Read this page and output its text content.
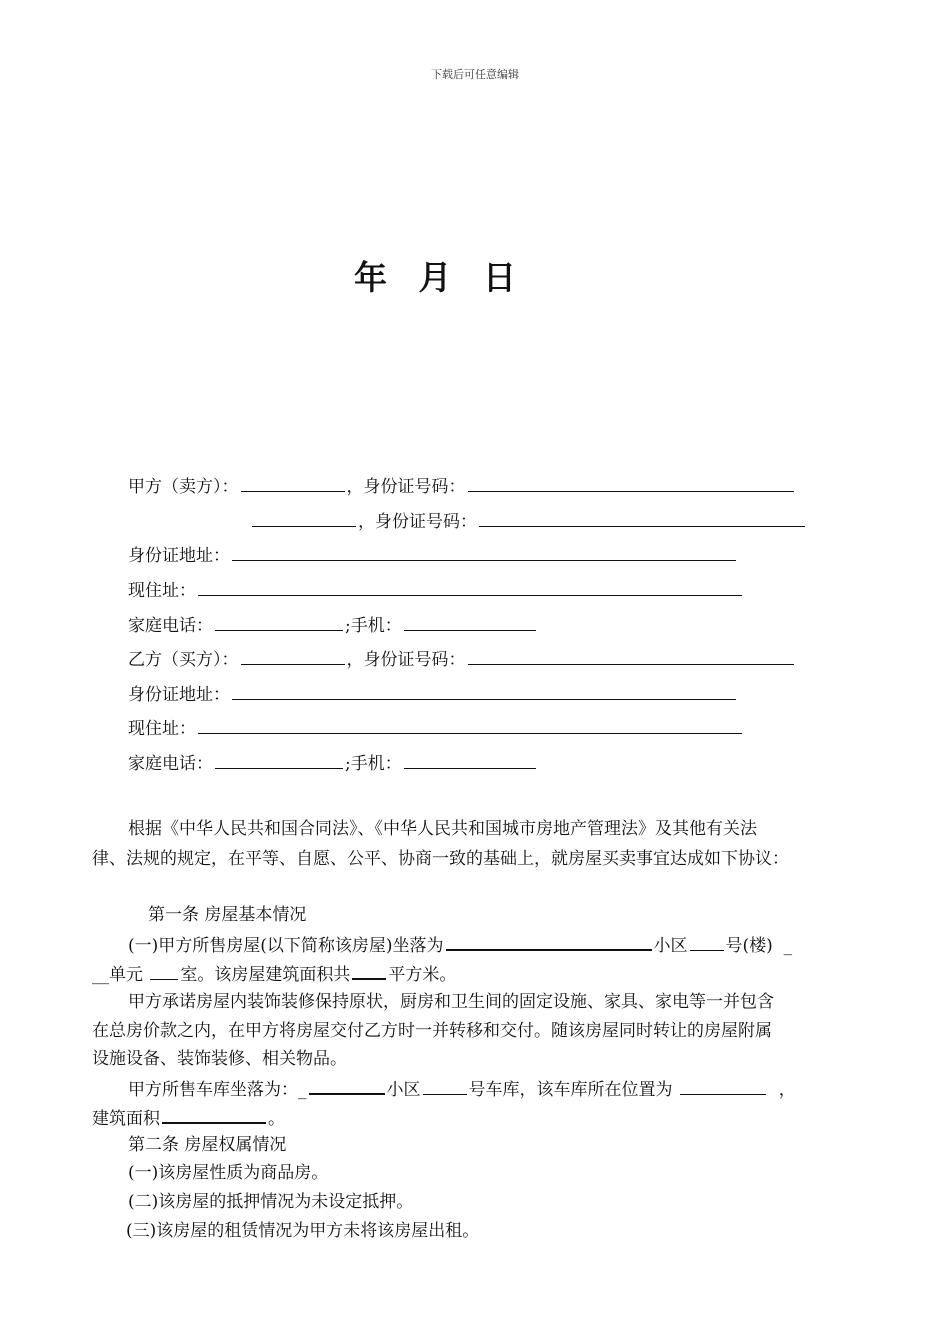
下载后可任意编辑
年 月 日
甲方（卖方）：	，身份证号码：
，身份证号码：
身份证地址：
现住址：
家庭电话：	;手机：
乙方（买方）：	，身份证号码：
身份证地址：
现住址：
家庭电话：	;手机：
根据《中华人民共和国合同法》、《中华人民共和国城市房地产管理法》及其他有关法
律、法规的规定，在平等、自愿、公平、协商一致的基础上，就房屋买卖事宜达成如下协议：
第一条 房屋基本情况
(一)甲方所售房屋(以下简称该房屋)坐落为	小区 号(楼) _
__单元 室。该房屋建筑面积共 平方米。
甲方承诺房屋内装饰装修保持原状，厨房和卫生间的固定设施、家具、家电等一并包含
在总房价款之内，在甲方将房屋交付乙方时一并转移和交付。随该房屋同时转让的房屋附属
设施设备、装饰装修、相关物品。
甲方所售车库坐落为：_	小区	号车库，该车库所在位置为	，
建筑面积	。
第二条 房屋权属情况
(一)该房屋性质为商品房。
(二)该房屋的抵押情况为未设定抵押。
(三)该房屋的租赁情况为甲方未将该房屋出租。
